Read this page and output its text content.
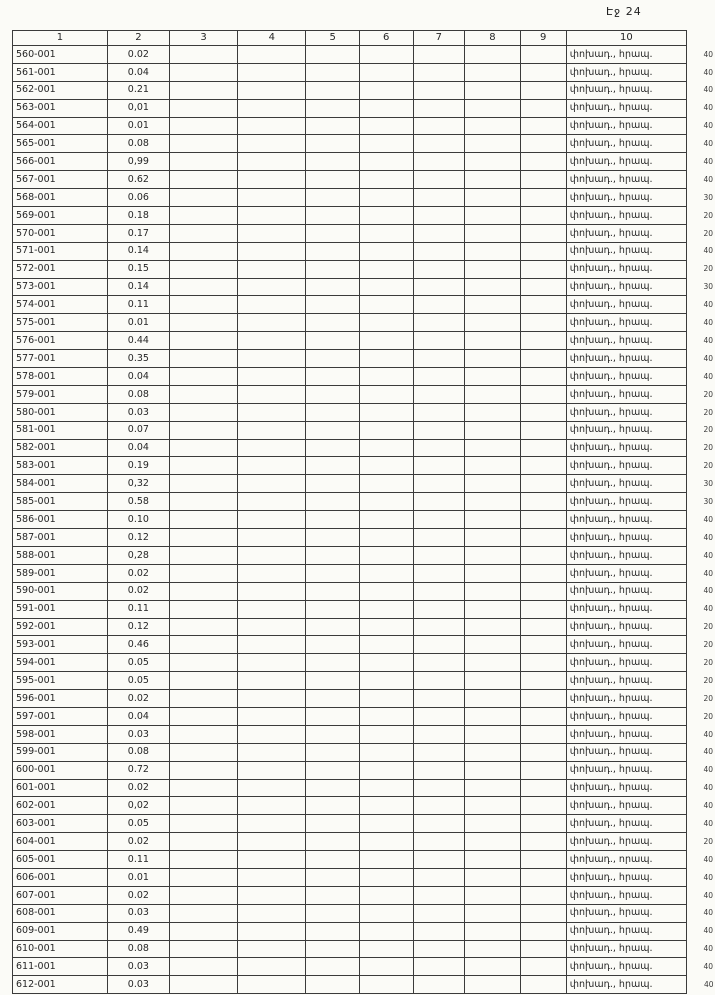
Էջ 24
1	2	3	4	5	6	7	8	9	10	
560-001	0.02								փոխադ., հրապ.	40
561-001	0.04								փոխադ., հրապ.	40
562-001	0.21								փոխադ., հրապ.	40
563-001	0,01								փոխադ., հրապ.	40
564-001	0.01								փոխադ., հրապ.	40
565-001	0.08								փոխադ., հրապ.	40
566-001	0,99								փոխադ., հրապ.	40
567-001	0.62								փոխադ., հրապ.	40
568-001	0.06								փոխադ., հրապ.	30
569-001	0.18								փոխադ., հրապ.	20
570-001	0.17								փոխադ., հրապ.	20
571-001	0.14								փոխադ., հրապ.	40
572-001	0.15								փոխադ., հրապ.	20
573-001	0.14								փոխադ., հրապ.	30
574-001	0.11								փոխադ., հրապ.	40
575-001	0.01								փոխադ., հրապ.	40
576-001	0.44								փոխադ., հրապ.	40
577-001	0.35								փոխադ., հրապ.	40
578-001	0.04								փոխադ., հրապ.	40
579-001	0.08								փոխադ., հրապ.	20
580-001	0.03								փոխադ., հրապ.	20
581-001	0.07								փոխադ., հրապ.	20
582-001	0.04								փոխադ., հրապ.	20
583-001	0.19								փոխադ., հրապ.	20
584-001	0,32								փոխադ., հրապ.	30
585-001	0.58								փոխադ., հրապ.	30
586-001	0.10								փոխադ., հրապ.	40
587-001	0.12								փոխադ., հրապ.	40
588-001	0,28								փոխադ., հրապ.	40
589-001	0.02								փոխադ., հրապ.	40
590-001	0.02								փոխադ., հրապ.	40
591-001	0.11								փոխադ., հրապ.	40
592-001	0.12								փոխադ., հրապ.	20
593-001	0.46								փոխադ., հրապ.	20
594-001	0.05								փոխադ., հրապ.	20
595-001	0.05								փոխադ., հրապ.	20
596-001	0.02								փոխադ., հրապ.	20
597-001	0.04								փոխադ., հրապ.	20
598-001	0.03								փոխադ., հրապ.	40
599-001	0.08								փոխադ., հրապ.	40
600-001	0.72								փոխադ., հրապ.	40
601-001	0.02								փոխադ., հրապ.	40
602-001	0,02								փոխադ., հրապ.	40
603-001	0.05								փոխադ., հրապ.	40
604-001	0.02								փոխադ., հրապ.	20
605-001	0.11								փոխադ., որապ.	40
606-001	0.01								փոխադ., հրապ.	40
607-001	0.02								փոխադ., հրապ.	40
608-001	0.03								փոխադ., հրապ.	40
609-001	0.49								փոխադ., հրապ.	40
610-001	0.08								փոխադ., հրապ.	40
611-001	0.03								փոխադ., հրապ.	40
612-001	0.03								փոխադ., հրապ.	40
